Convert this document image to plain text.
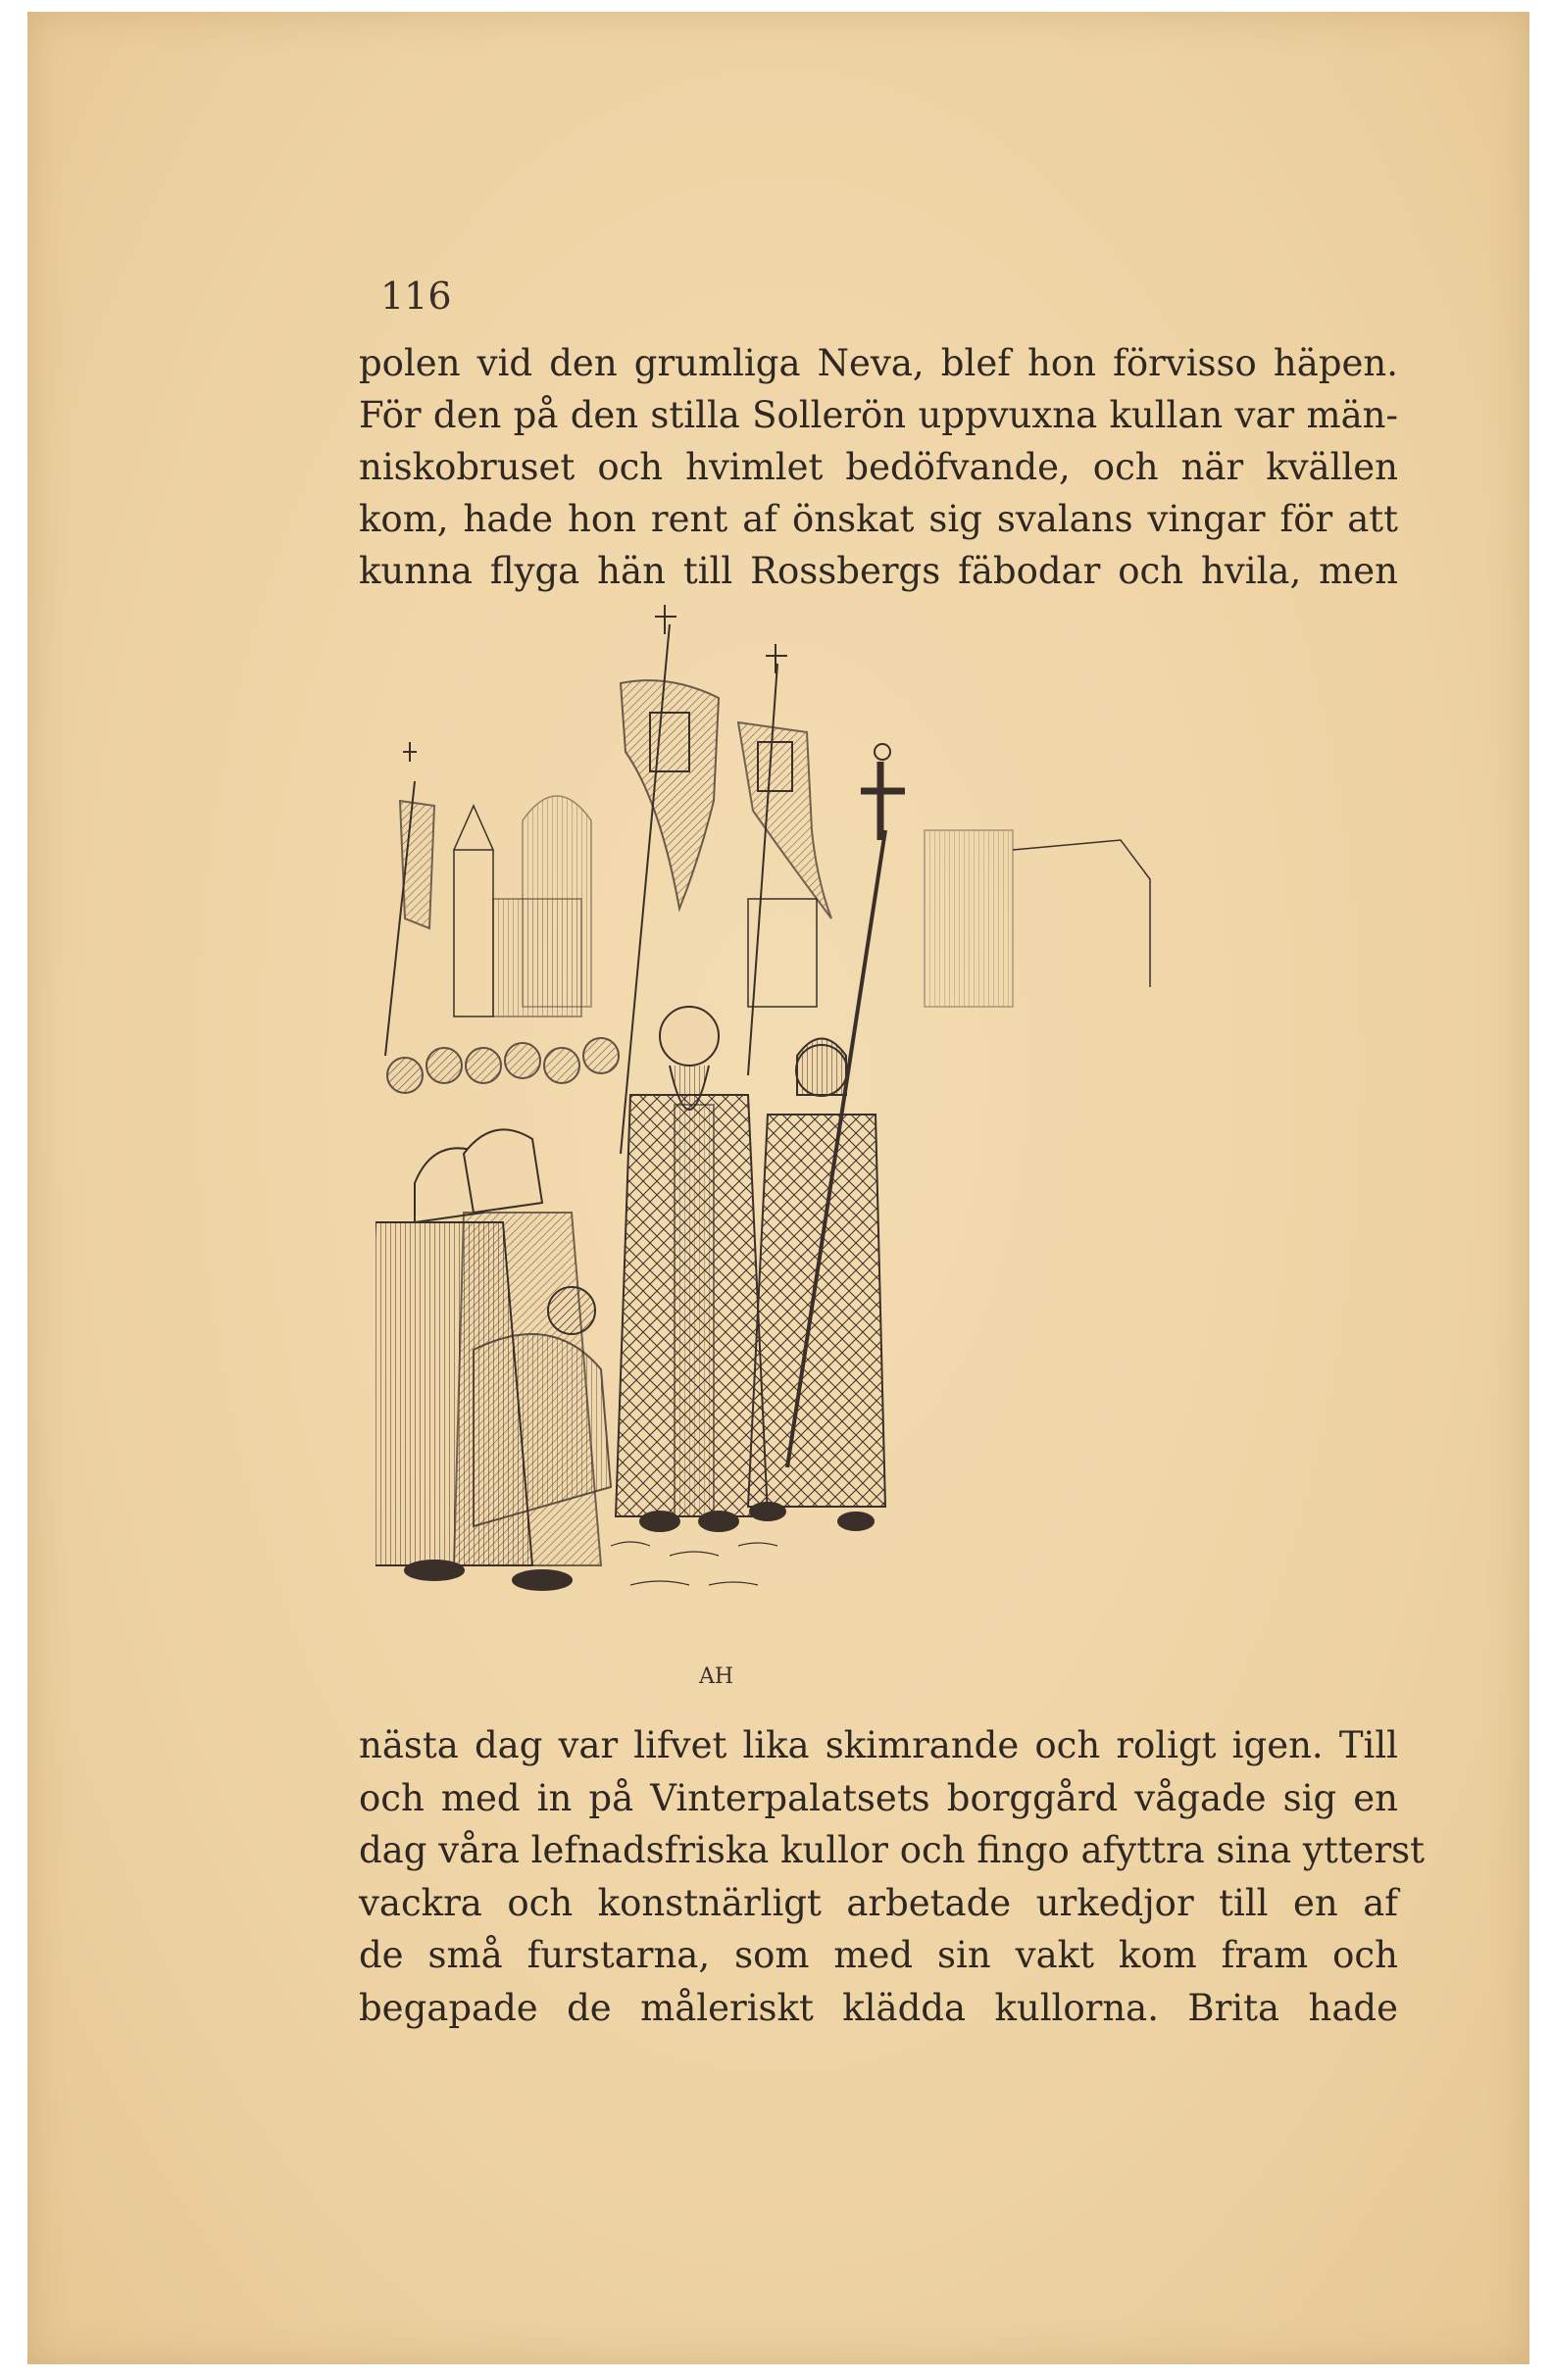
116
polen vid den grumliga Neva, blef hon förvisso häpen.
För den på den stilla Sollerön uppvuxna kullan var män-
niskobruset och hvimlet bedöfvande, och när kvällen
kom, hade hon rent af önskat sig svalans vingar för att
kunna flyga hän till Rossbergs fäbodar och hvila, men
AH
nästa dag var lifvet lika skimrande och roligt igen. Till
och med in på Vinterpalatsets borggård vågade sig en
dag våra lefnadsfriska kullor och fingo afyttra sina ytterst
vackra och konstnärligt arbetade urkedjor till en af
de små furstarna, som med sin vakt kom fram och
begapade de måleriskt klädda kullorna. Brita hade
